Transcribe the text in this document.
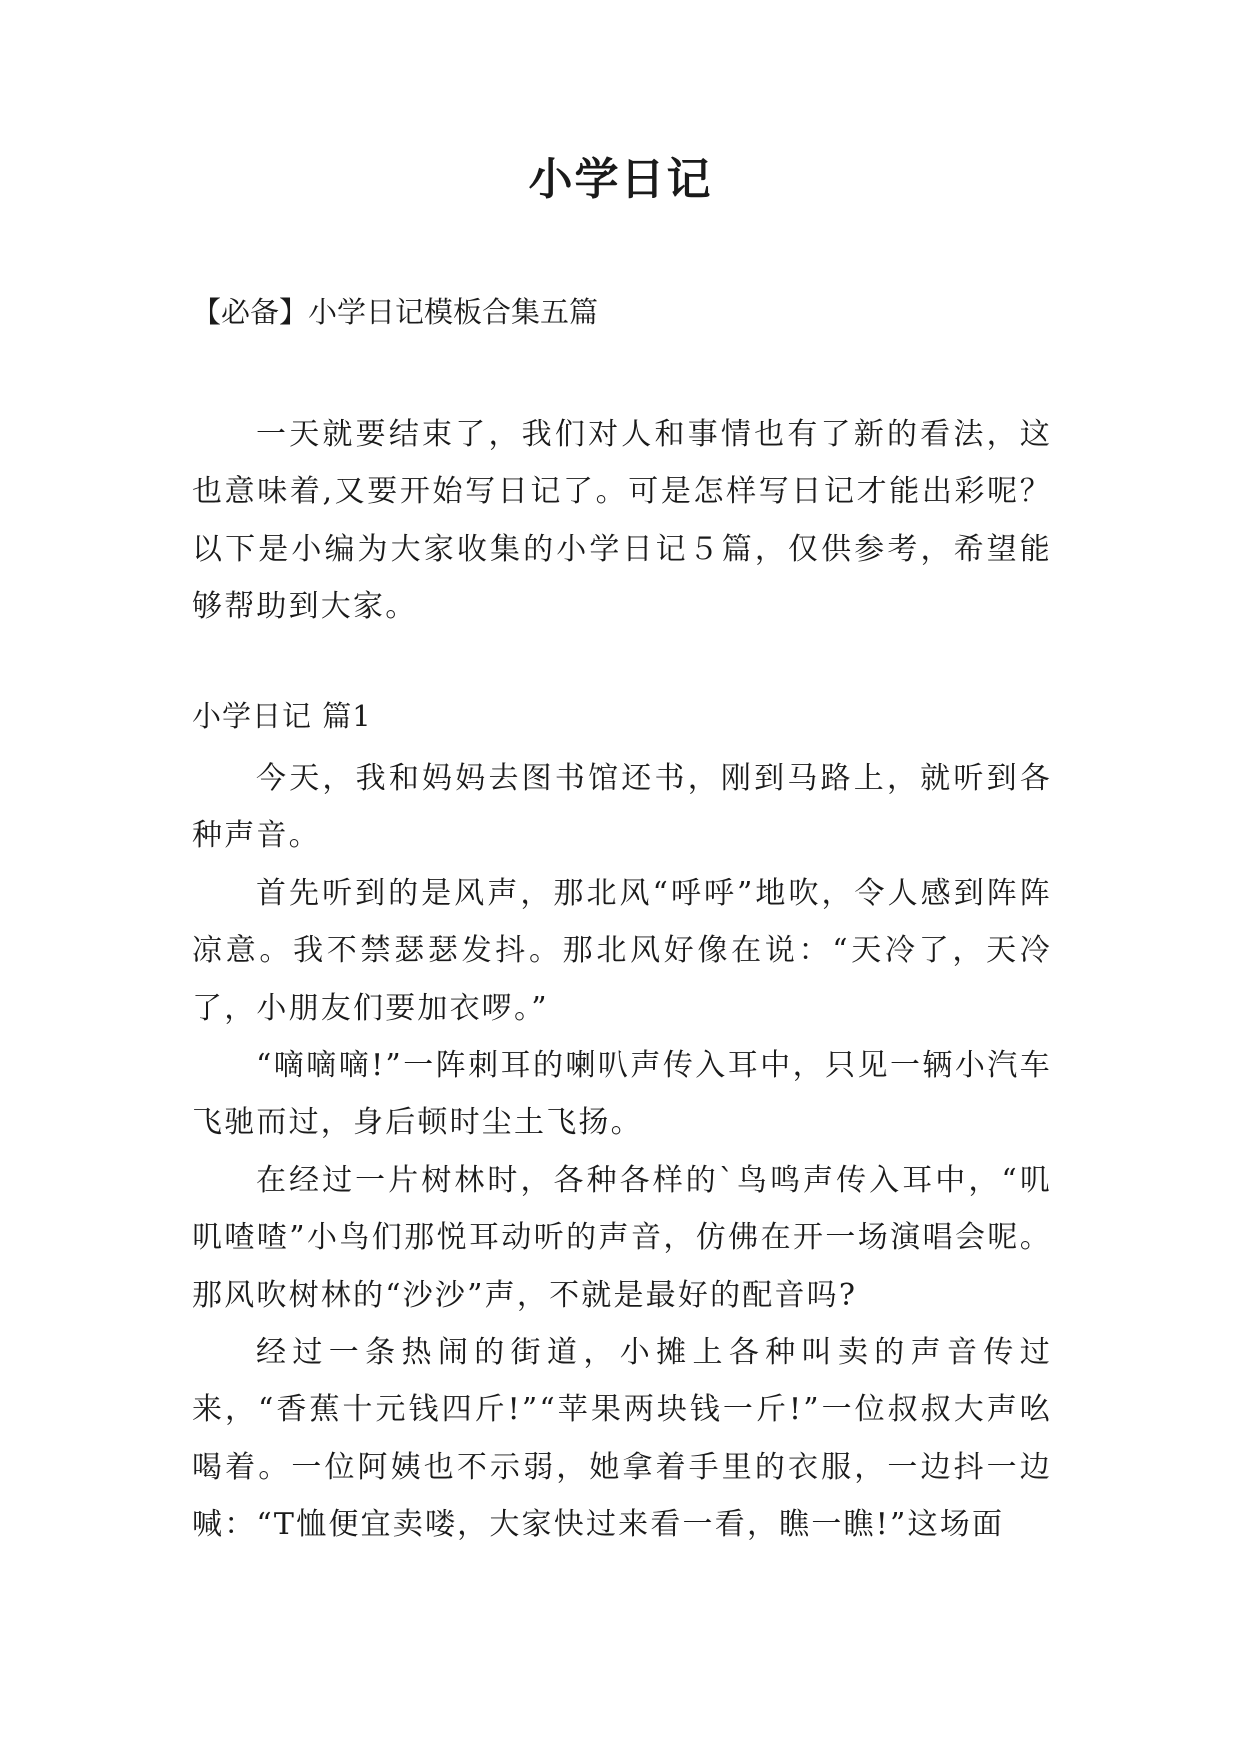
小学日记

【必备】小学日记模板合集五篇

一天就要结束了，我们对人和事情也有了新的看法，这也意味着,又要开始写日记了。可是怎样写日记才能出彩呢？以下是小编为大家收集的小学日记５篇，仅供参考，希望能够帮助到大家。

小学日记 篇1

今天，我和妈妈去图书馆还书，刚到马路上，就听到各种声音。

首先听到的是风声，那北风“呼呼”地吹，令人感到阵阵凉意。我不禁瑟瑟发抖。那北风好像在说：“天冷了，天冷了，小朋友们要加衣啰。”

“嘀嘀嘀!”一阵刺耳的喇叭声传入耳中，只见一辆小汽车飞驰而过，身后顿时尘土飞扬。

在经过一片树林时，各种各样的`鸟鸣声传入耳中，“叽叽喳喳”小鸟们那悦耳动听的声音，仿佛在开一场演唱会呢。那风吹树林的“沙沙”声，不就是最好的配音吗?

经过一条热闹的街道，小摊上各种叫卖的声音传过来，“香蕉十元钱四斤!”“苹果两块钱一斤!”一位叔叔大声吆喝着。一位阿姨也不示弱，她拿着手里的衣服，一边抖一边喊：“T恤便宜卖喽，大家快过来看一看，瞧一瞧!”这场面
